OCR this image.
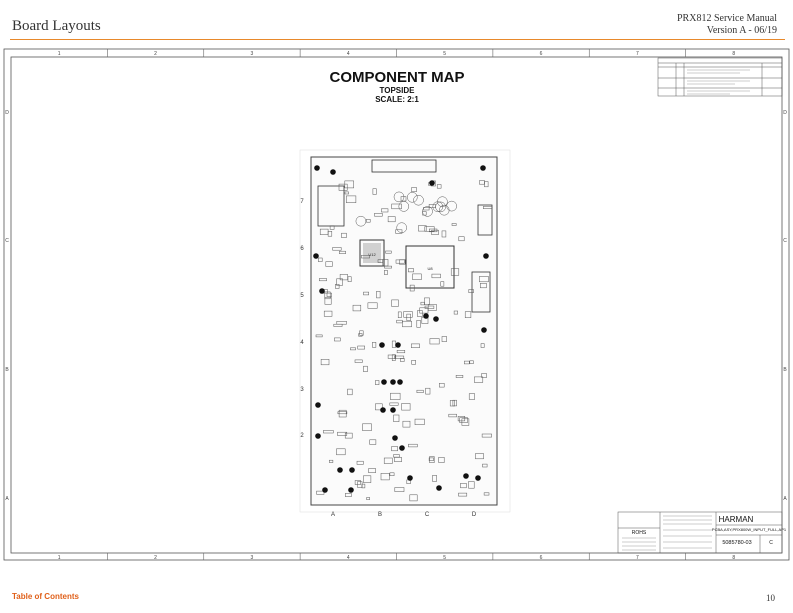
Board Layouts	PRX812 Service Manual
Version A - 06/19
1
1
2
2
3
3
4
4
5
5
6
6
7
7
8
8
D	D
C	C
B	B
A	A
COMPONENT MAP
TOPSIDE
SCALE: 2:1
7
6
5
4
3
2
A	B	C	D
U12
U8
HARMAN
ROHS
PCBA,ASY,PRX800W_INPUT_FULL,AP1
5085780-03	C
Table of Contents	10
